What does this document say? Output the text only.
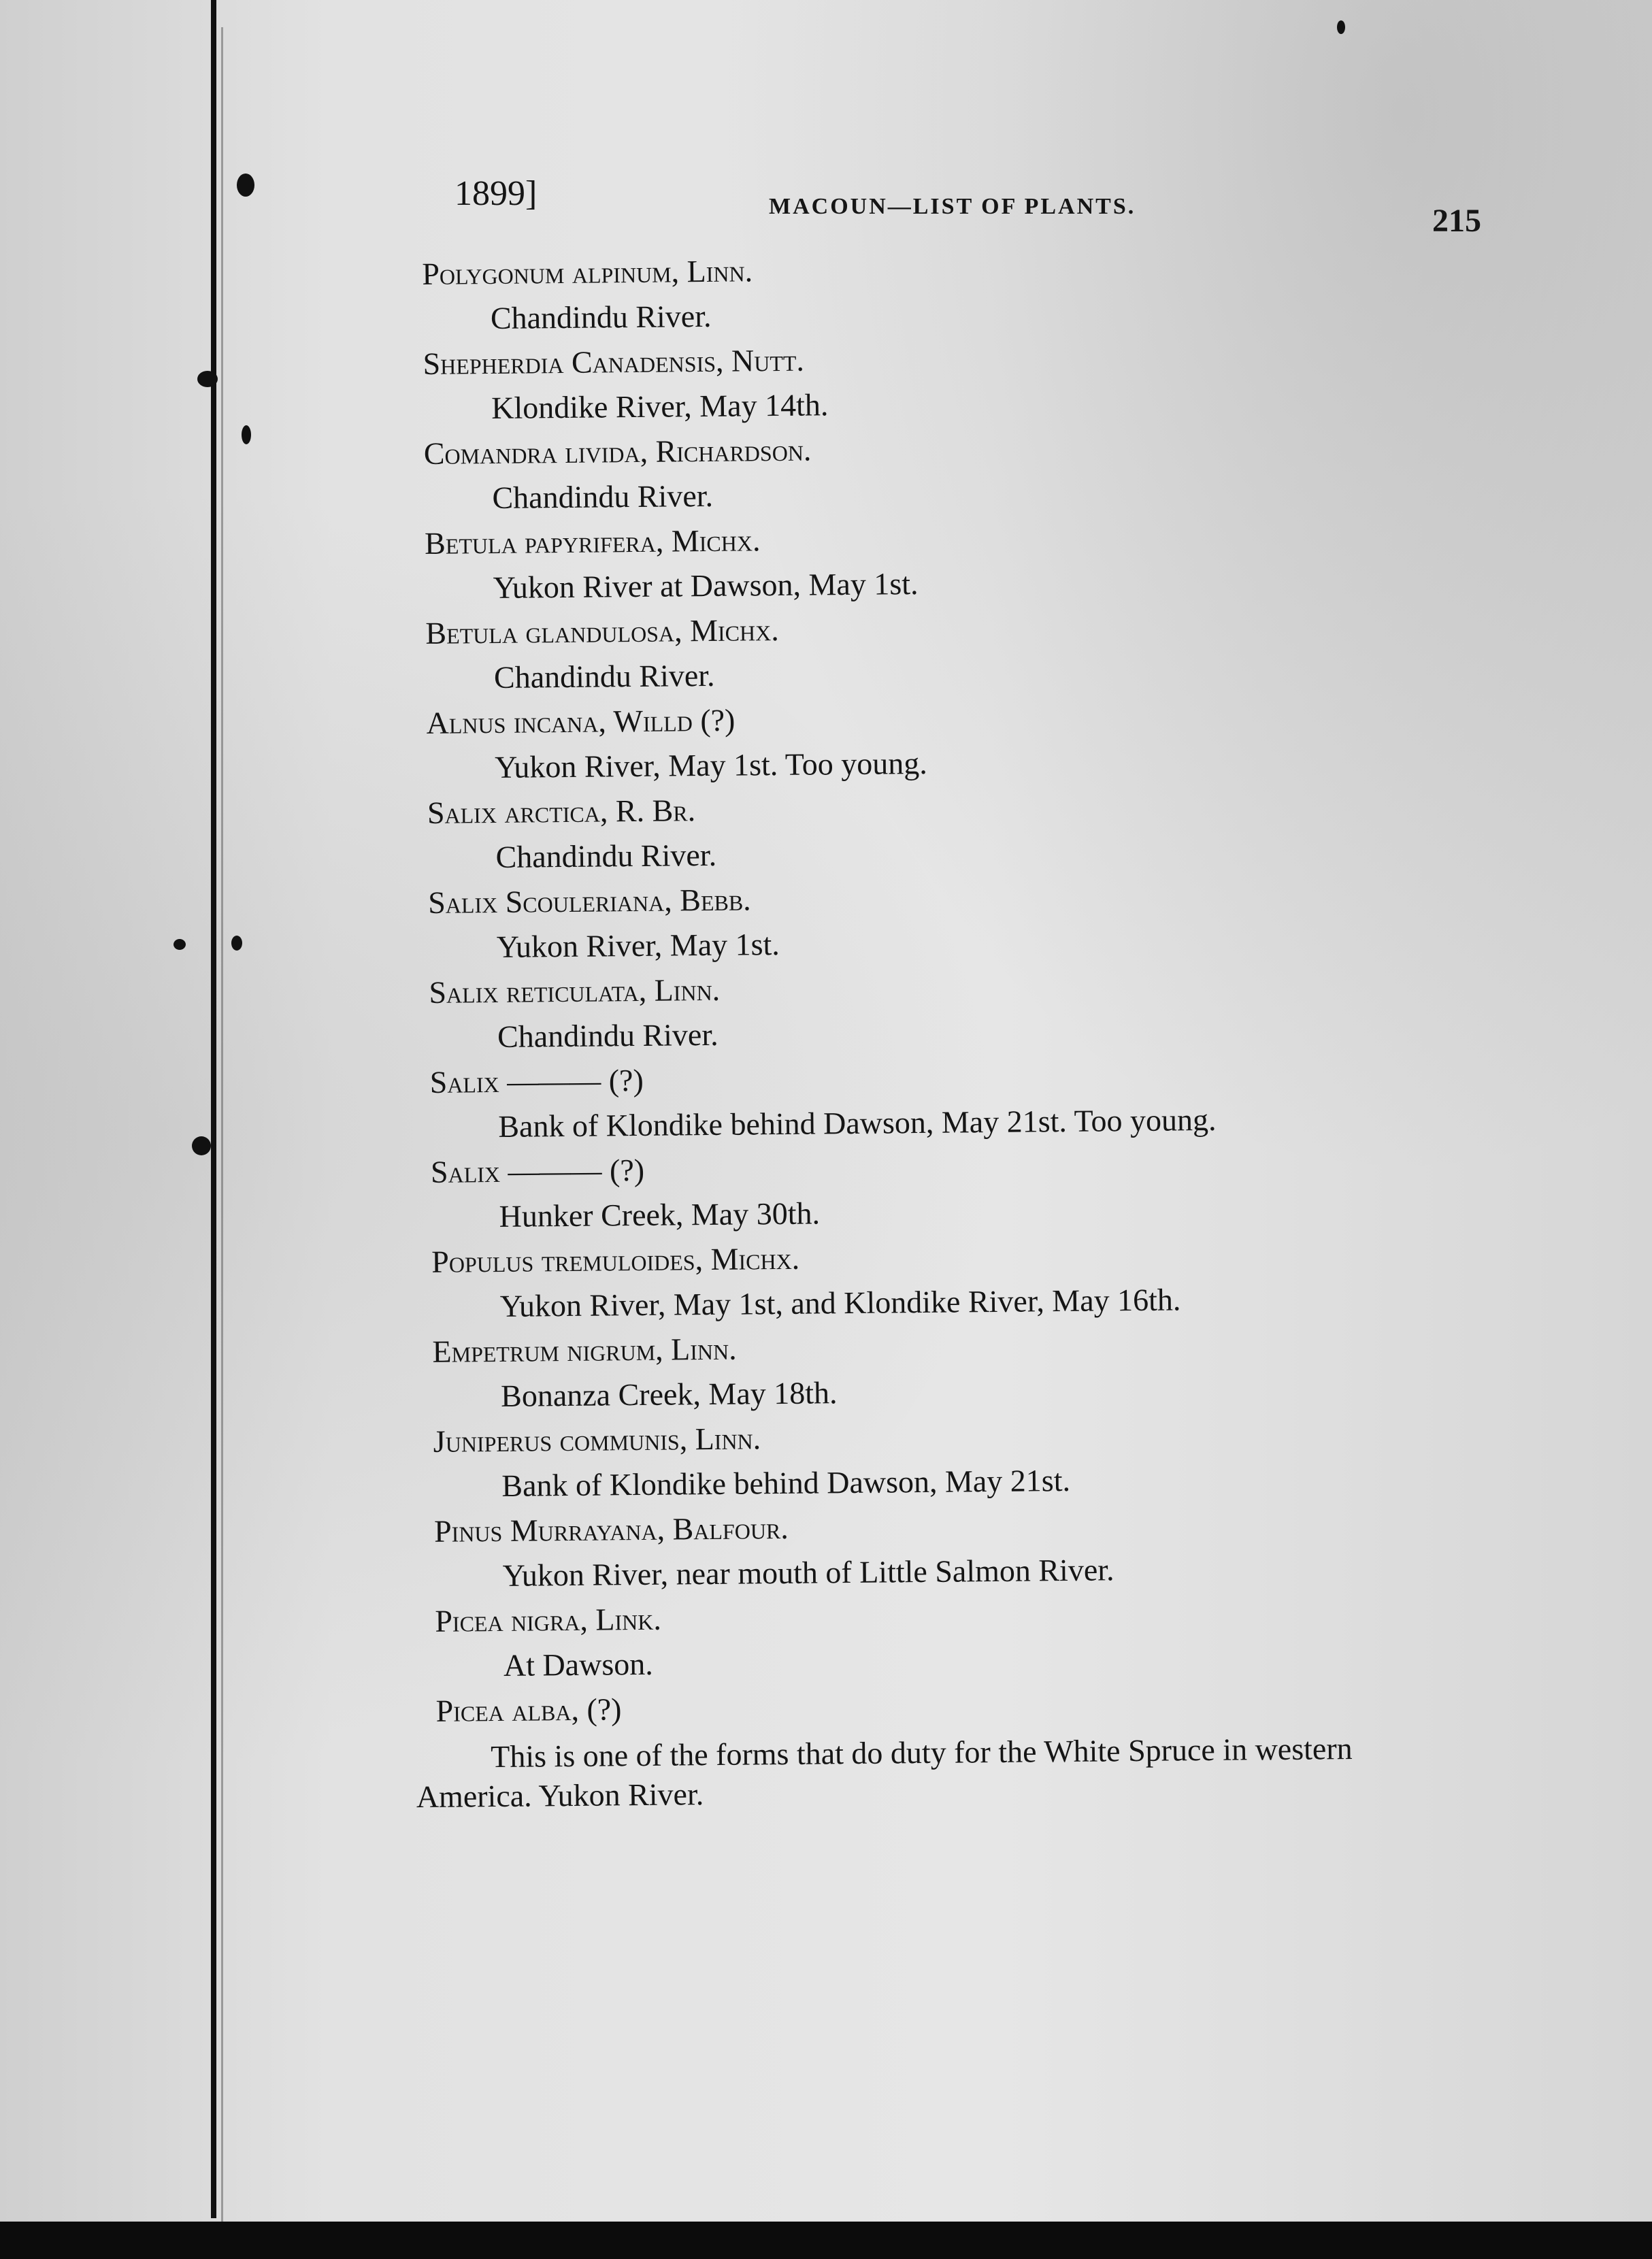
1899]	MACOUN—LIST OF PLANTS.	215
Polygonum alpinum, Linn.
Chandindu River.
Shepherdia Canadensis, Nutt.
Klondike River, May 14th.
Comandra livida, Richardson.
Chandindu River.
Betula papyrifera, Michx.
Yukon River at Dawson, May 1st.
Betula glandulosa, Michx.
Chandindu River.
Alnus incana, Willd (?)
Yukon River, May 1st. Too young.
Salix arctica, R. Br.
Chandindu River.
Salix Scouleriana, Bebb.
Yukon River, May 1st.
Salix reticulata, Linn.
Chandindu River.
Salix ——— (?)
Bank of Klondike behind Dawson, May 21st. Too young.
Salix ——— (?)
Hunker Creek, May 30th.
Populus tremuloides, Michx.
Yukon River, May 1st, and Klondike River, May 16th.
Empetrum nigrum, Linn.
Bonanza Creek, May 18th.
Juniperus communis, Linn.
Bank of Klondike behind Dawson, May 21st.
Pinus Murrayana, Balfour.
Yukon River, near mouth of Little Salmon River.
Picea nigra, Link.
At Dawson.
Picea alba, (?)
This is one of the forms that do duty for the White Spruce in western America. Yukon River.
